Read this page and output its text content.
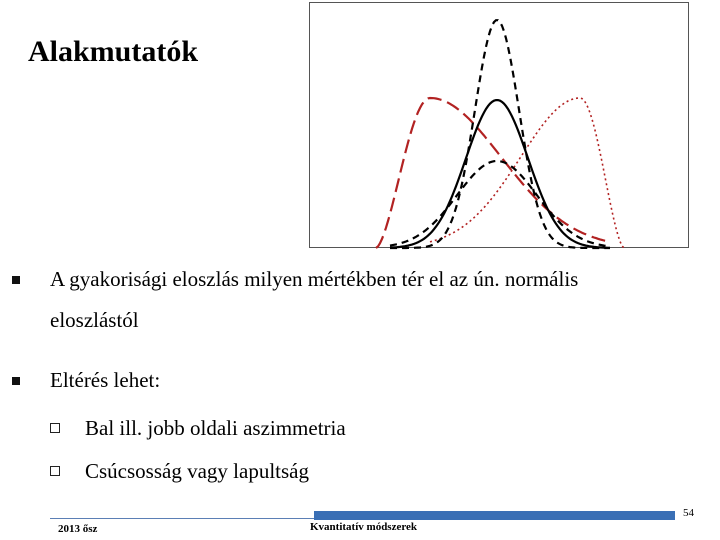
Alakmutatók
A gyakorisági eloszlás milyen mértékben tér el az ún. normális
eloszlástól
Eltérés lehet:
Bal ill. jobb oldali aszimmetria
Csúcsosság vagy lapultság
54
2013 ősz	Kvantitatív módszerek
